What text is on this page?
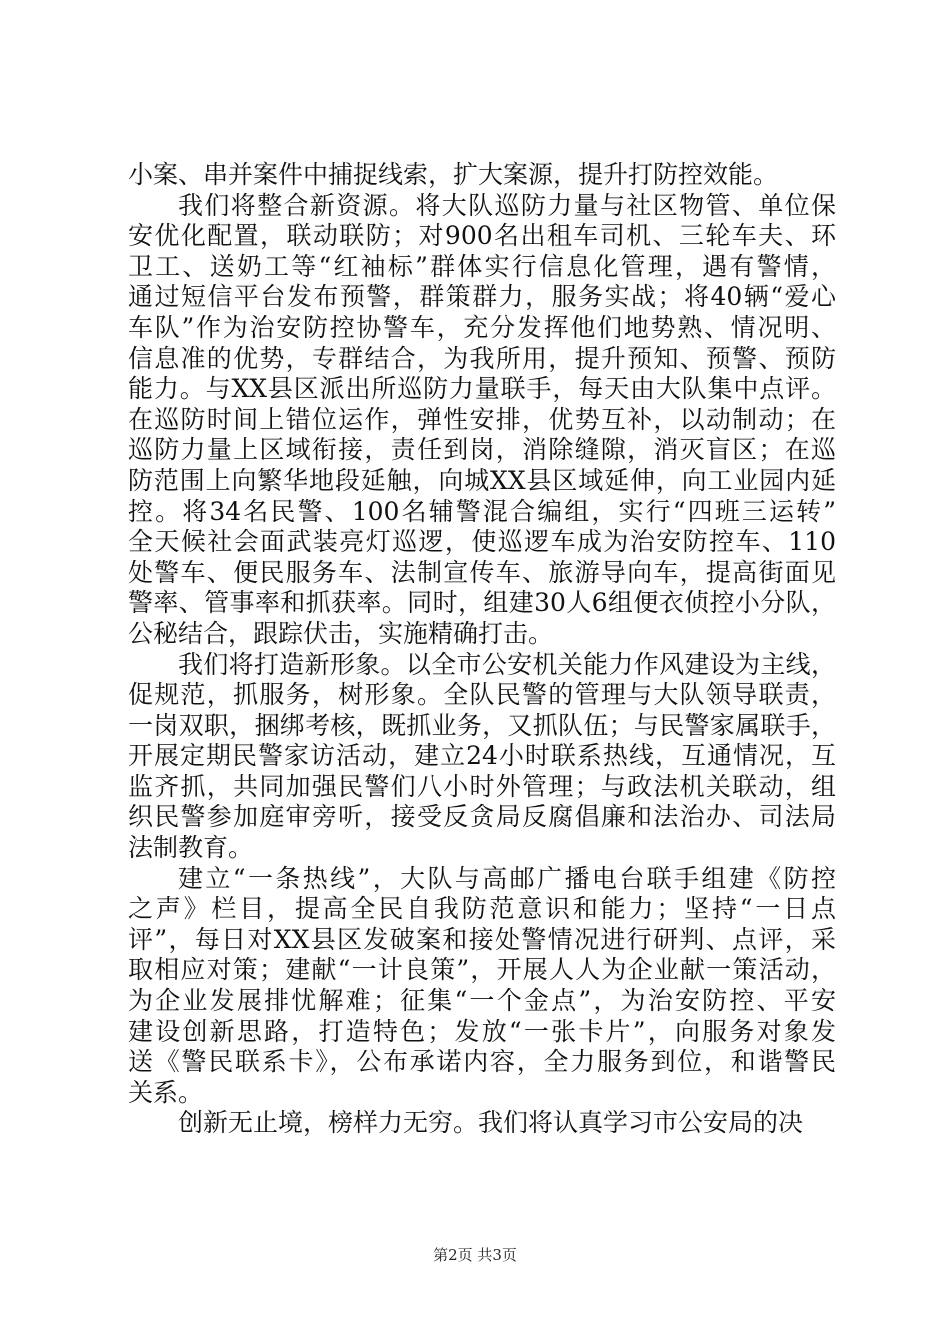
小案、串并案件中捕捉线索，扩大案源，提升打防控效能。
我们将整合新资源。将大队巡防力量与社区物管、单位保
安优化配置，联动联防；对900名出租车司机、三轮车夫、环
卫工、送奶工等“红袖标”群体实行信息化管理，遇有警情，
通过短信平台发布预警，群策群力，服务实战；将40辆“爱心
车队”作为治安防控协警车，充分发挥他们地势熟、情况明、
信息准的优势，专群结合，为我所用，提升预知、预警、预防
能力。与XX县区派出所巡防力量联手，每天由大队集中点评。
在巡防时间上错位运作，弹性安排，优势互补，以动制动；在
巡防力量上区域衔接，责任到岗，消除缝隙，消灭盲区；在巡
防范围上向繁华地段延触，向城XX县区域延伸，向工业园内延
控。将34名民警、100名辅警混合编组，实行“四班三运转”
全天候社会面武装亮灯巡逻，使巡逻车成为治安防控车、110
处警车、便民服务车、法制宣传车、旅游导向车，提高街面见
警率、管事率和抓获率。同时，组建30人6组便衣侦控小分队，
公秘结合，跟踪伏击，实施精确打击。
我们将打造新形象。以全市公安机关能力作风建设为主线，
促规范，抓服务，树形象。全队民警的管理与大队领导联责，
一岗双职，捆绑考核，既抓业务，又抓队伍；与民警家属联手，
开展定期民警家访活动，建立24小时联系热线，互通情况，互
监齐抓，共同加强民警们八小时外管理；与政法机关联动，组
织民警参加庭审旁听，接受反贪局反腐倡廉和法治办、司法局
法制教育。
建立“一条热线”，大队与高邮广播电台联手组建《防控
之声》栏目，提高全民自我防范意识和能力；坚持“一日点
评”，每日对XX县区发破案和接处警情况进行研判、点评，采
取相应对策；建献“一计良策”，开展人人为企业献一策活动，
为企业发展排忧解难；征集“一个金点”，为治安防控、平安
建设创新思路，打造特色；发放“一张卡片”，向服务对象发
送《警民联系卡》，公布承诺内容，全力服务到位，和谐警民
关系。
创新无止境，榜样力无穷。我们将认真学习市公安局的决
第2页 共3页
